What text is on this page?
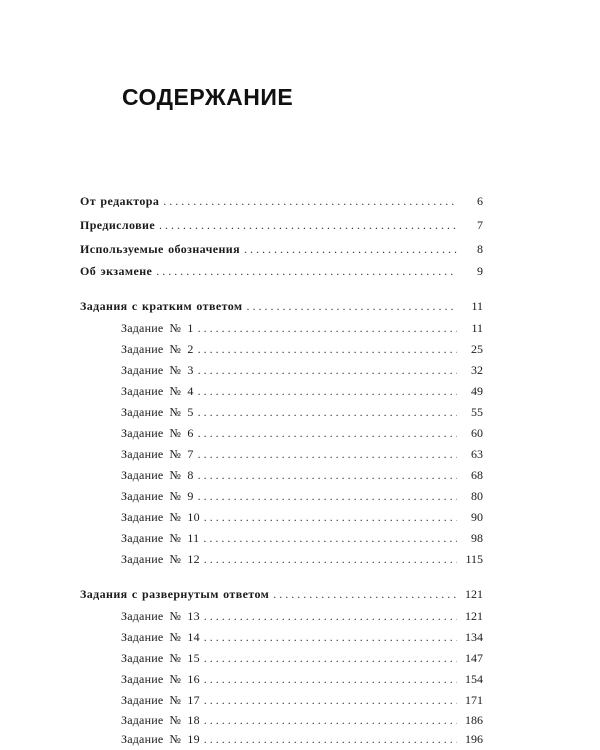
СОДЕРЖАНИЕ
От редактора . . .	6
Предисловие . . .	7
Используемые обозначения . . .	8
Об экзамене . . .	9
Задания с кратким ответом . . .	11
Задание № 1 . . .	11
Задание № 2 . . .	25
Задание № 3 . . .	32
Задание № 4 . . .	49
Задание № 5 . . .	55
Задание № 6 . . .	60
Задание № 7 . . .	63
Задание № 8 . . .	68
Задание № 9 . . .	80
Задание № 10 . . .	90
Задание № 11 . . .	98
Задание № 12 . . .	115
Задания с развернутым ответом . . .	121
Задание № 13 . . .	121
Задание № 14 . . .	134
Задание № 15 . . .	147
Задание № 16 . . .	154
Задание № 17 . . .	171
Задание № 18 . . .	186
Задание № 19 . . .	196
